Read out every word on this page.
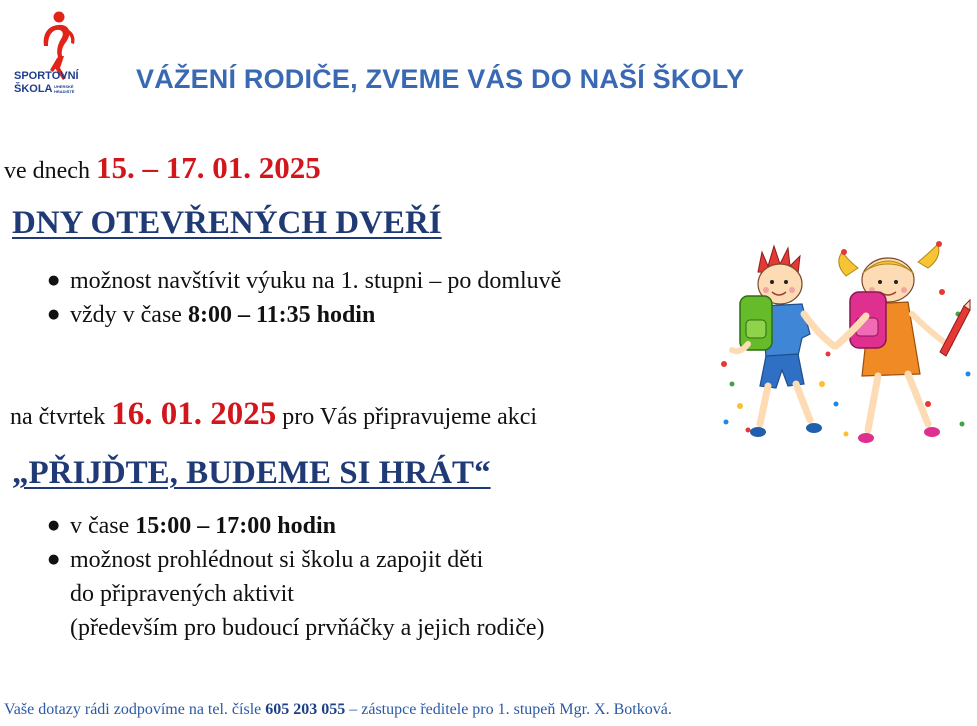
SPORTOVNÍ
ŠKOLA UHERSKÉ HRADIŠTĚ	VÁŽENÍ RODIČE, ZVEME VÁS DO NAŠÍ ŠKOLY
ve dnech 15. – 17. 01. 2025
DNY OTEVŘENÝCH DVEŘÍ
● možnost navštívit výuku na 1. stupni – po domluvě
● vždy v čase 8:00 – 11:35 hodin
na čtvrtek 16. 01. 2025 pro Vás připravujeme akci
„PŘIJĎTE, BUDEME SI HRÁT“
● v čase 15:00 – 17:00 hodin
● možnost prohlédnout si školu a zapojit děti
do připravených aktivit
(především pro budoucí prvňáčky a jejich rodiče)
Vaše dotazy rádi zodpovíme na tel. čísle 605 203 055 – zástupce ředitele pro 1. stupeň Mgr. X. Botková.
